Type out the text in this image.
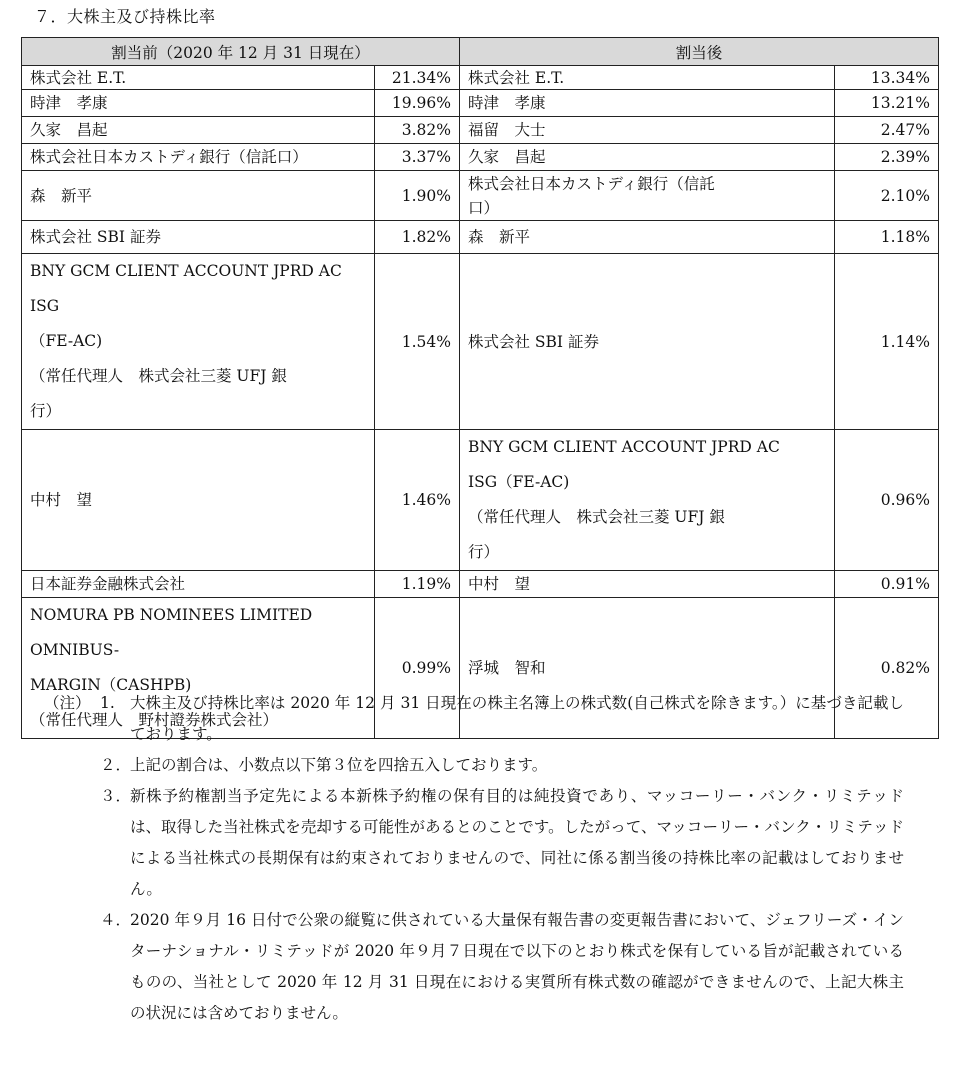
７．大株主及び持株比率
割当前（2020 年 12 月 31 日現在）		割当後	

株式会社 E.T.	21.34%	株式会社 E.T.	13.34%

時津　孝康	19.96%	時津　孝康	13.21%

久家　昌起	3.82%	福留　大士	2.47%

株式会社日本カストディ銀行（信託口）	3.37%	久家　昌起	2.39%

森　新平	1.90%	株式会社日本カストディ銀行（信託
口）	2.10%

株式会社 SBI 証券	1.82%	森　新平	1.18%

BNY GCM CLIENT ACCOUNT JPRD AC ISG
（FE-AC)
（常任代理人　株式会社三菱 UFJ 銀
行）	1.54%	株式会社 SBI 証券	1.14%

中村　望	1.46%	BNY GCM CLIENT ACCOUNT JPRD AC
ISG（FE-AC)
（常任代理人　株式会社三菱 UFJ 銀
行）	0.96%

日本証券金融株式会社	1.19%	中村　望	0.91%

NOMURA PB NOMINEES LIMITED OMNIBUS-
MARGIN（CASHPB)
（常任代理人　野村證券株式会社）	0.99%	浮城　智和	0.82%
（注） 1. 大株主及び持株比率は 2020 年 12 月 31 日現在の株主名簿上の株式数(自己株式を除きます。）に基づき記載しております。
２．
上記の割合は、小数点以下第３位を四捨五入しております。
３．
新株予約権割当予定先による本新株予約権の保有目的は純投資であり、マッコーリー・バンク・リミテッドは、取得した当社株式を売却する可能性があるとのことです。したがって、マッコーリー・バンク・リミテッドによる当社株式の長期保有は約束されておりませんので、同社に係る割当後の持株比率の記載はしておりません。
４．
2020 年９月 16 日付で公衆の縦覧に供されている大量保有報告書の変更報告書において、ジェフリーズ・インターナショナル・リミテッドが 2020 年９月７日現在で以下のとおり株式を保有している旨が記載されているものの、当社として 2020 年 12 月 31 日現在における実質所有株式数の確認ができませんので、上記大株主の状況には含めておりません。
